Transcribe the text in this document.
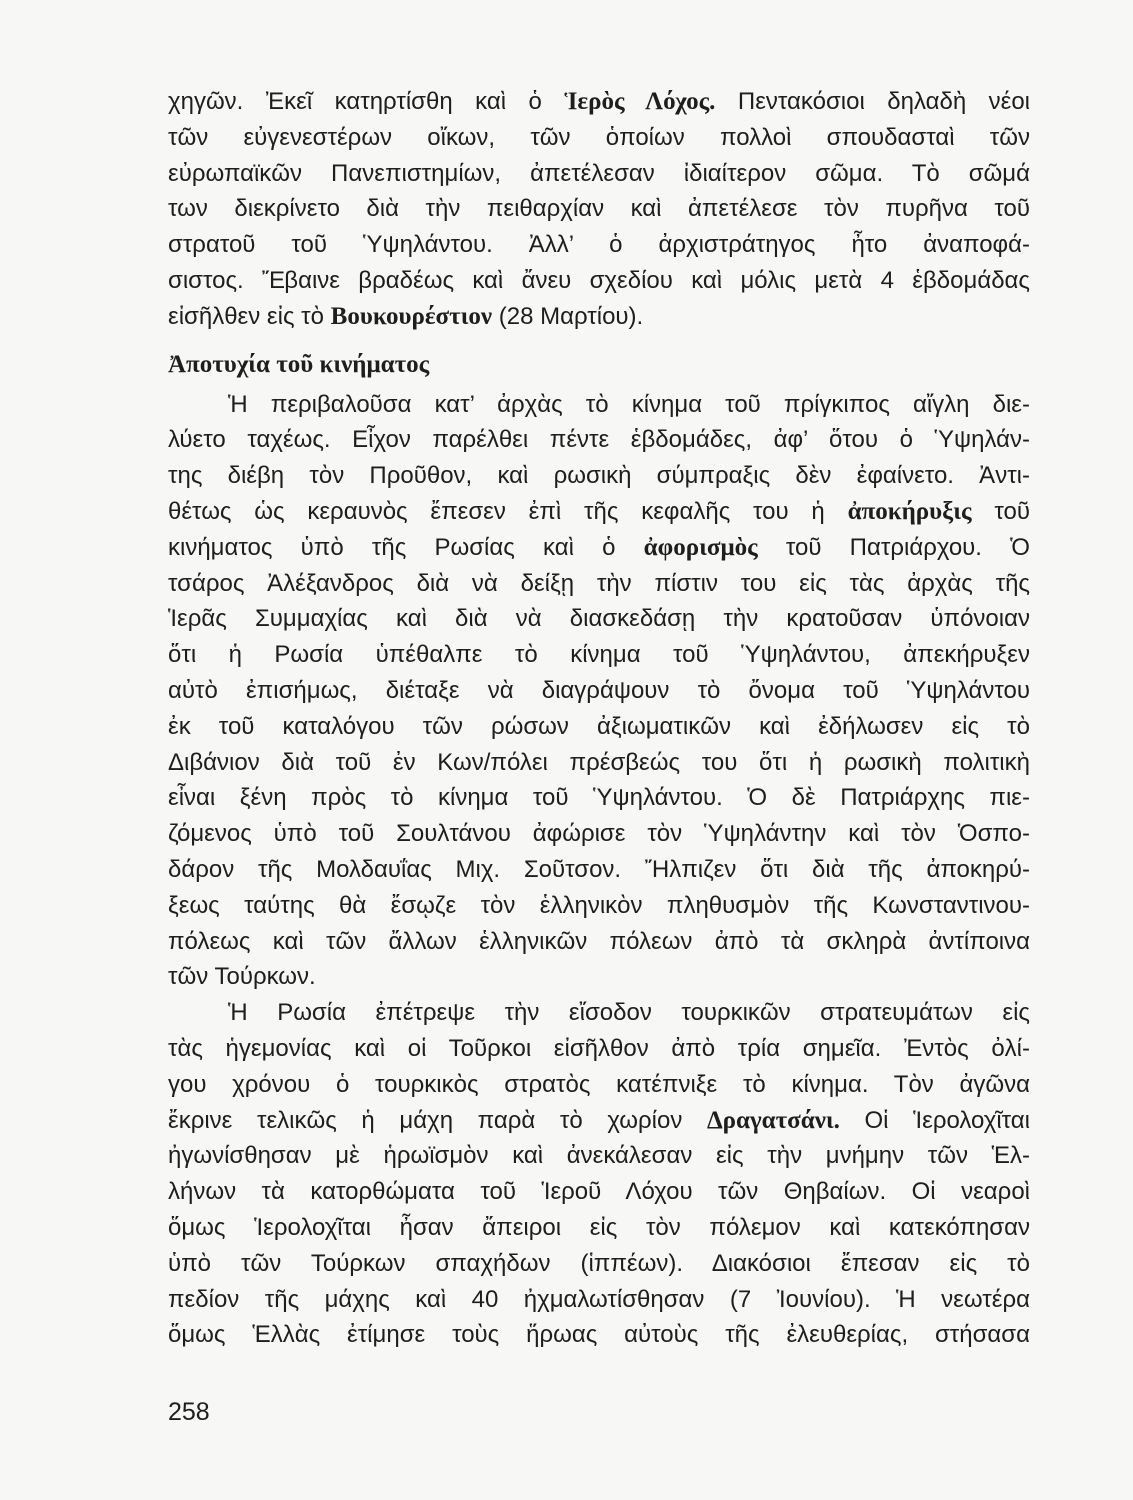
χηγῶν. Ἐκεῖ κατηρτίσθη καὶ ὁ Ἱερὸς Λόχος. Πεντακόσιοι δηλαδὴ νέοι
τῶν εὐγενεστέρων οἴκων, τῶν ὁποίων πολλοὶ σπουδασταὶ τῶν
εὐρωπαϊκῶν Πανεπιστημίων, ἀπετέλεσαν ἰδιαίτερον σῶμα. Τὸ σῶμά
των διεκρίνετο διὰ τὴν πειθαρχίαν καὶ ἀπετέλεσε τὸν πυρῆνα τοῦ
στρατοῦ τοῦ Ὑψηλάντου. Ἀλλ’ ὁ ἀρχιστράτηγος ἦτο ἀναποφά-
σιστος. Ἔβαινε βραδέως καὶ ἄνευ σχεδίου καὶ μόλις μετὰ 4 ἑβδομάδας
εἰσῆλθεν εἰς τὸ Βουκουρέστιον (28 Μαρτίου).
Ἀποτυχία τοῦ κινήματος
Ἡ περιβαλοῦσα κατ’ ἀρχὰς τὸ κίνημα τοῦ πρίγκιπος αἴγλη διε-
λύετο ταχέως. Εἶχον παρέλθει πέντε ἑβδομάδες, ἀφ’ ὅτου ὁ Ὑψηλάν-
της διέβη τὸν Προῦθον, καὶ ρωσικὴ σύμπραξις δὲν ἐφαίνετο. Ἀντι-
θέτως ὡς κεραυνὸς ἔπεσεν ἐπὶ τῆς κεφαλῆς του ἡ ἀποκήρυξις τοῦ
κινήματος ὑπὸ τῆς Ρωσίας καὶ ὁ ἀφορισμὸς τοῦ Πατριάρχου. Ὁ
τσάρος Ἀλέξανδρος διὰ νὰ δείξῃ τὴν πίστιν του εἰς τὰς ἀρχὰς τῆς
Ἱερᾶς Συμμαχίας καὶ διὰ νὰ διασκεδάσῃ τὴν κρατοῦσαν ὑπόνοιαν
ὅτι ἡ Ρωσία ὑπέθαλπε τὸ κίνημα τοῦ Ὑψηλάντου, ἀπεκήρυξεν
αὐτὸ ἐπισήμως, διέταξε νὰ διαγράψουν τὸ ὄνομα τοῦ Ὑψηλάντου
ἐκ τοῦ καταλόγου τῶν ρώσων ἀξιωματικῶν καὶ ἐδήλωσεν εἰς τὸ
Διβάνιον διὰ τοῦ ἐν Κων/πόλει πρέσβεώς του ὅτι ἡ ρωσικὴ πολιτικὴ
εἶναι ξένη πρὸς τὸ κίνημα τοῦ Ὑψηλάντου. Ὁ δὲ Πατριάρχης πιε-
ζόμενος ὑπὸ τοῦ Σουλτάνου ἀφώρισε τὸν Ὑψηλάντην καὶ τὸν Ὁσπο-
δάρον τῆς Μολδαυΐας Μιχ. Σοῦτσον. Ἤλπιζεν ὅτι διὰ τῆς ἀποκηρύ-
ξεως ταύτης θὰ ἔσῳζε τὸν ἑλληνικὸν πληθυσμὸν τῆς Κωνσταντινου-
πόλεως καὶ τῶν ἄλλων ἑλληνικῶν πόλεων ἀπὸ τὰ σκληρὰ ἀντίποινα
τῶν Τούρκων.
Ἡ Ρωσία ἐπέτρεψε τὴν εἴσοδον τουρκικῶν στρατευμάτων εἰς
τὰς ἡγεμονίας καὶ οἱ Τοῦρκοι εἰσῆλθον ἀπὸ τρία σημεῖα. Ἐντὸς ὀλί-
γου χρόνου ὁ τουρκικὸς στρατὸς κατέπνιξε τὸ κίνημα. Τὸν ἀγῶνα
ἔκρινε τελικῶς ἡ μάχη παρὰ τὸ χωρίον Δραγατσάνι. Οἱ Ἱερολοχῖται
ἠγωνίσθησαν μὲ ἡρωϊσμὸν καὶ ἀνεκάλεσαν εἰς τὴν μνήμην τῶν Ἑλ-
λήνων τὰ κατορθώματα τοῦ Ἱεροῦ Λόχου τῶν Θηβαίων. Οἱ νεαροὶ
ὅμως Ἱερολοχῖται ἦσαν ἄπειροι εἰς τὸν πόλεμον καὶ κατεκόπησαν
ὑπὸ τῶν Τούρκων σπαχήδων (ἱππέων). Διακόσιοι ἔπεσαν εἰς τὸ
πεδίον τῆς μάχης καὶ 40 ἠχμαλωτίσθησαν (7 Ἰουνίου). Ἡ νεωτέρα
ὅμως Ἑλλὰς ἐτίμησε τοὺς ἥρωας αὐτοὺς τῆς ἐλευθερίας, στήσασα
258
